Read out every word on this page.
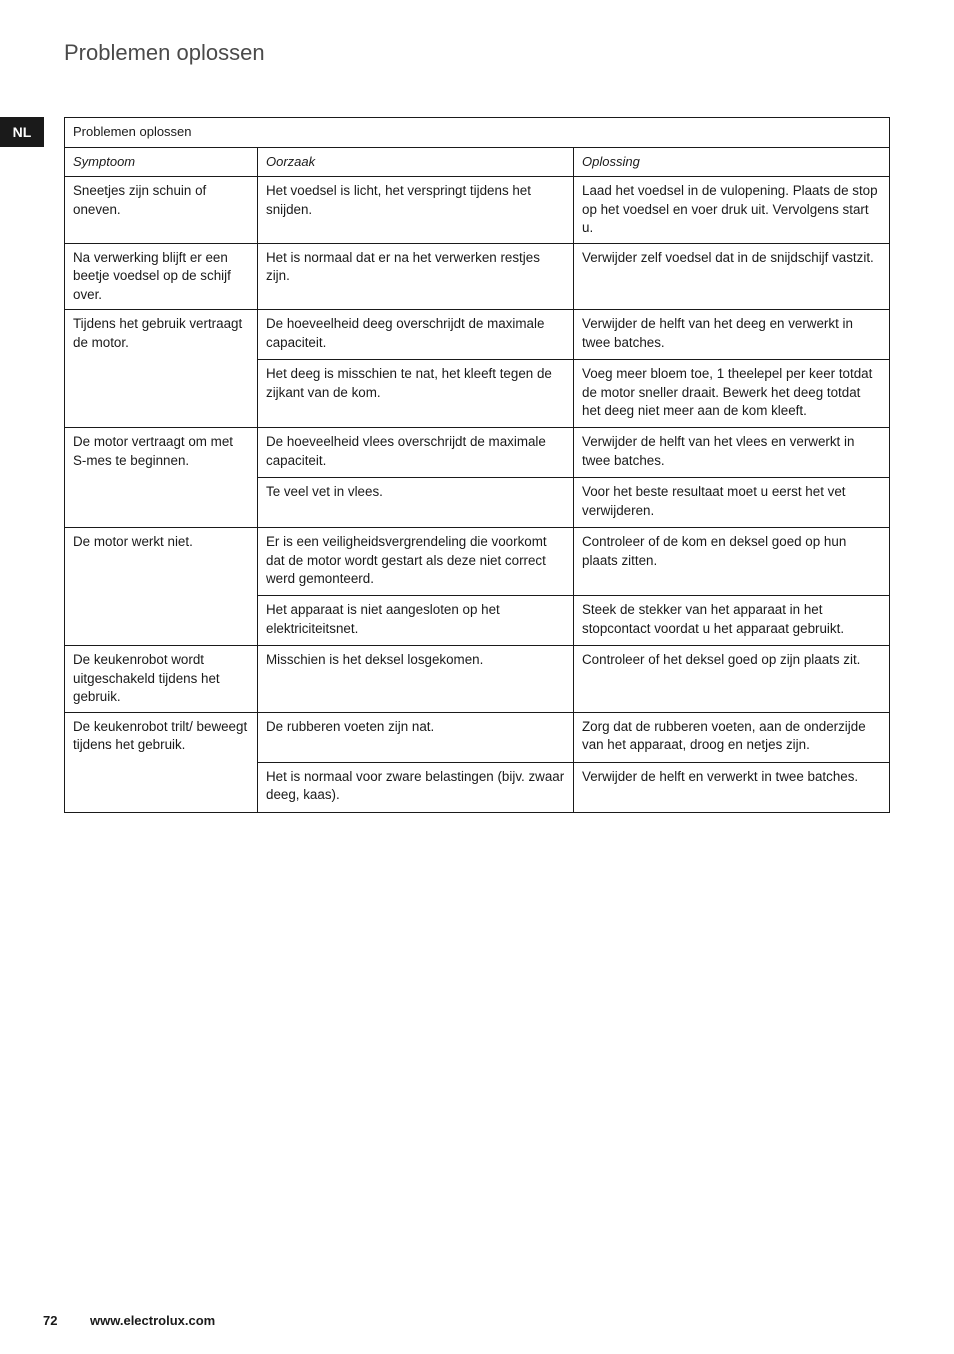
Problemen oplossen
NL	Problemen oplossen		
Symptoom	Oorzaak	Oplossing
Sneetjes zijn schuin of oneven.	Het voedsel is licht, het verspringt tijdens het snijden.	Laad het voedsel in de vulopening. Plaats de stop op het voedsel en voer druk uit. Vervolgens start u.
Na verwerking blijft er een beetje voedsel op de schijf over.	Het is normaal dat er na het verwerken restjes zijn.	Verwijder zelf voedsel dat in de snijdschijf vastzit.
Tijdens het gebruik vertraagt de motor.	De hoeveelheid deeg overschrijdt de maximale capaciteit.	Verwijder de helft van het deeg en verwerkt in twee batches.
	Het deeg is misschien te nat, het kleeft tegen de zijkant van de kom.	Voeg meer bloem toe, 1 theelepel per keer totdat de motor sneller draait. Bewerk het deeg totdat het deeg niet meer aan de kom kleeft.
De motor vertraagt om met S-mes te beginnen.	De hoeveelheid vlees overschrijdt de maximale capaciteit.	Verwijder de helft van het vlees en verwerkt in twee batches.
	Te veel vet in vlees.	Voor het beste resultaat moet u eerst het vet verwijderen.
De motor werkt niet.	Er is een veiligheidsvergrendeling die voorkomt dat de motor wordt gestart als deze niet correct werd gemonteerd.	Controleer of de kom en deksel goed op hun plaats zitten.
	Het apparaat is niet aangesloten op het elektriciteitsnet.	Steek de stekker van het apparaat in het stopcontact voordat u het apparaat gebruikt.
De keukenrobot wordt uitgeschakeld tijdens het gebruik.	Misschien is het deksel losgekomen.	Controleer of het deksel goed op zijn plaats zit.
De keukenrobot trilt/ beweegt tijdens het gebruik.	De rubberen voeten zijn nat.	Zorg dat de rubberen voeten, aan de onderzijde van het apparaat, droog en netjes zijn.
	Het is normaal voor zware belastingen (bijv. zwaar deeg, kaas).	Verwijder de helft en verwerkt in twee batches.
72	www.electrolux.com
